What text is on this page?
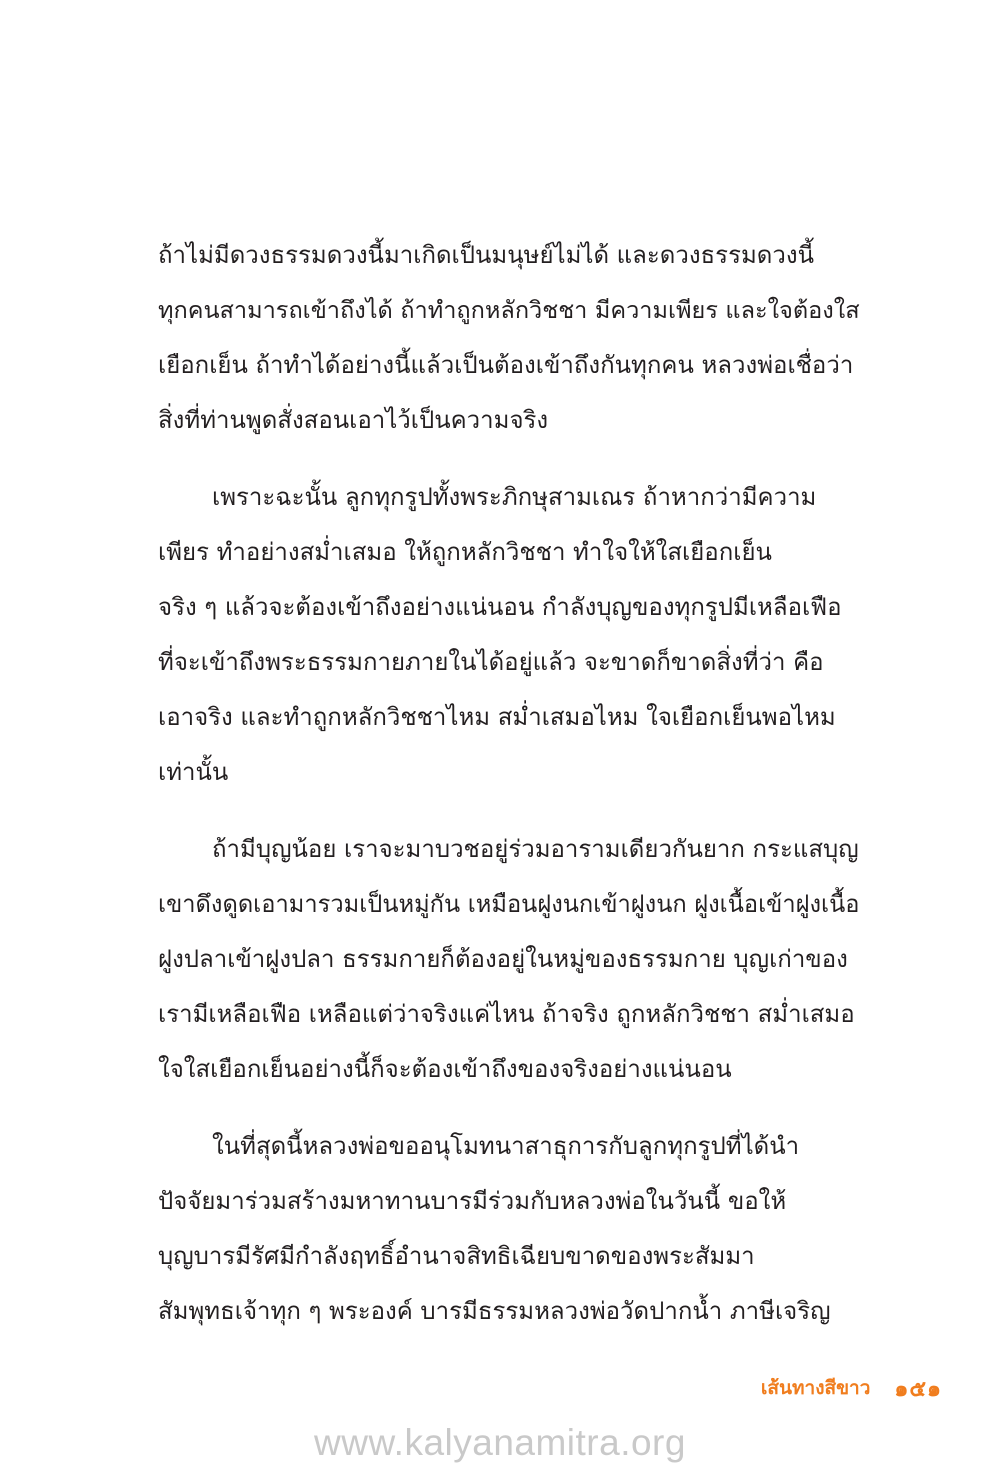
ถ้าไม่มีดวงธรรมดวงนี้มาเกิดเป็นมนุษย์ไม่ได้ และดวงธรรมดวงนี้
ทุกคนสามารถเข้าถึงได้ ถ้าทำถูกหลักวิชชา มีความเพียร และใจต้องใส
เยือกเย็น ถ้าทำได้อย่างนี้แล้วเป็นต้องเข้าถึงกันทุกคน หลวงพ่อเชื่อว่า
สิ่งที่ท่านพูดสั่งสอนเอาไว้เป็นความจริง
เพราะฉะนั้น ลูกทุกรูปทั้งพระภิกษุสามเณร ถ้าหากว่ามีความ
เพียร ทำอย่างสม่ำเสมอ ให้ถูกหลักวิชชา ทำใจให้ใสเยือกเย็น
จริง ๆ แล้วจะต้องเข้าถึงอย่างแน่นอน กำลังบุญของทุกรูปมีเหลือเฟือ
ที่จะเข้าถึงพระธรรมกายภายในได้อยู่แล้ว จะขาดก็ขาดสิ่งที่ว่า คือ
เอาจริง และทำถูกหลักวิชชาไหม สม่ำเสมอไหม ใจเยือกเย็นพอไหม
เท่านั้น
ถ้ามีบุญน้อย เราจะมาบวชอยู่ร่วมอารามเดียวกันยาก กระแสบุญ
เขาดึงดูดเอามารวมเป็นหมู่กัน เหมือนฝูงนกเข้าฝูงนก ฝูงเนื้อเข้าฝูงเนื้อ
ฝูงปลาเข้าฝูงปลา ธรรมกายก็ต้องอยู่ในหมู่ของธรรมกาย บุญเก่าของ
เรามีเหลือเฟือ เหลือแต่ว่าจริงแค่ไหน ถ้าจริง ถูกหลักวิชชา สม่ำเสมอ
ใจใสเยือกเย็นอย่างนี้ก็จะต้องเข้าถึงของจริงอย่างแน่นอน
ในที่สุดนี้หลวงพ่อขออนุโมทนาสาธุการกับลูกทุกรูปที่ได้นำ
ปัจจัยมาร่วมสร้างมหาทานบารมีร่วมกับหลวงพ่อในวันนี้ ขอให้
บุญบารมีรัศมีกำลังฤทธิ์อำนาจสิทธิเฉียบขาดของพระสัมมา
สัมพุทธเจ้าทุก ๆ พระองค์ บารมีธรรมหลวงพ่อวัดปากน้ำ ภาษีเจริญ
เส้นทางสีขาว ๑๕๑
www.kalyanamitra.org
